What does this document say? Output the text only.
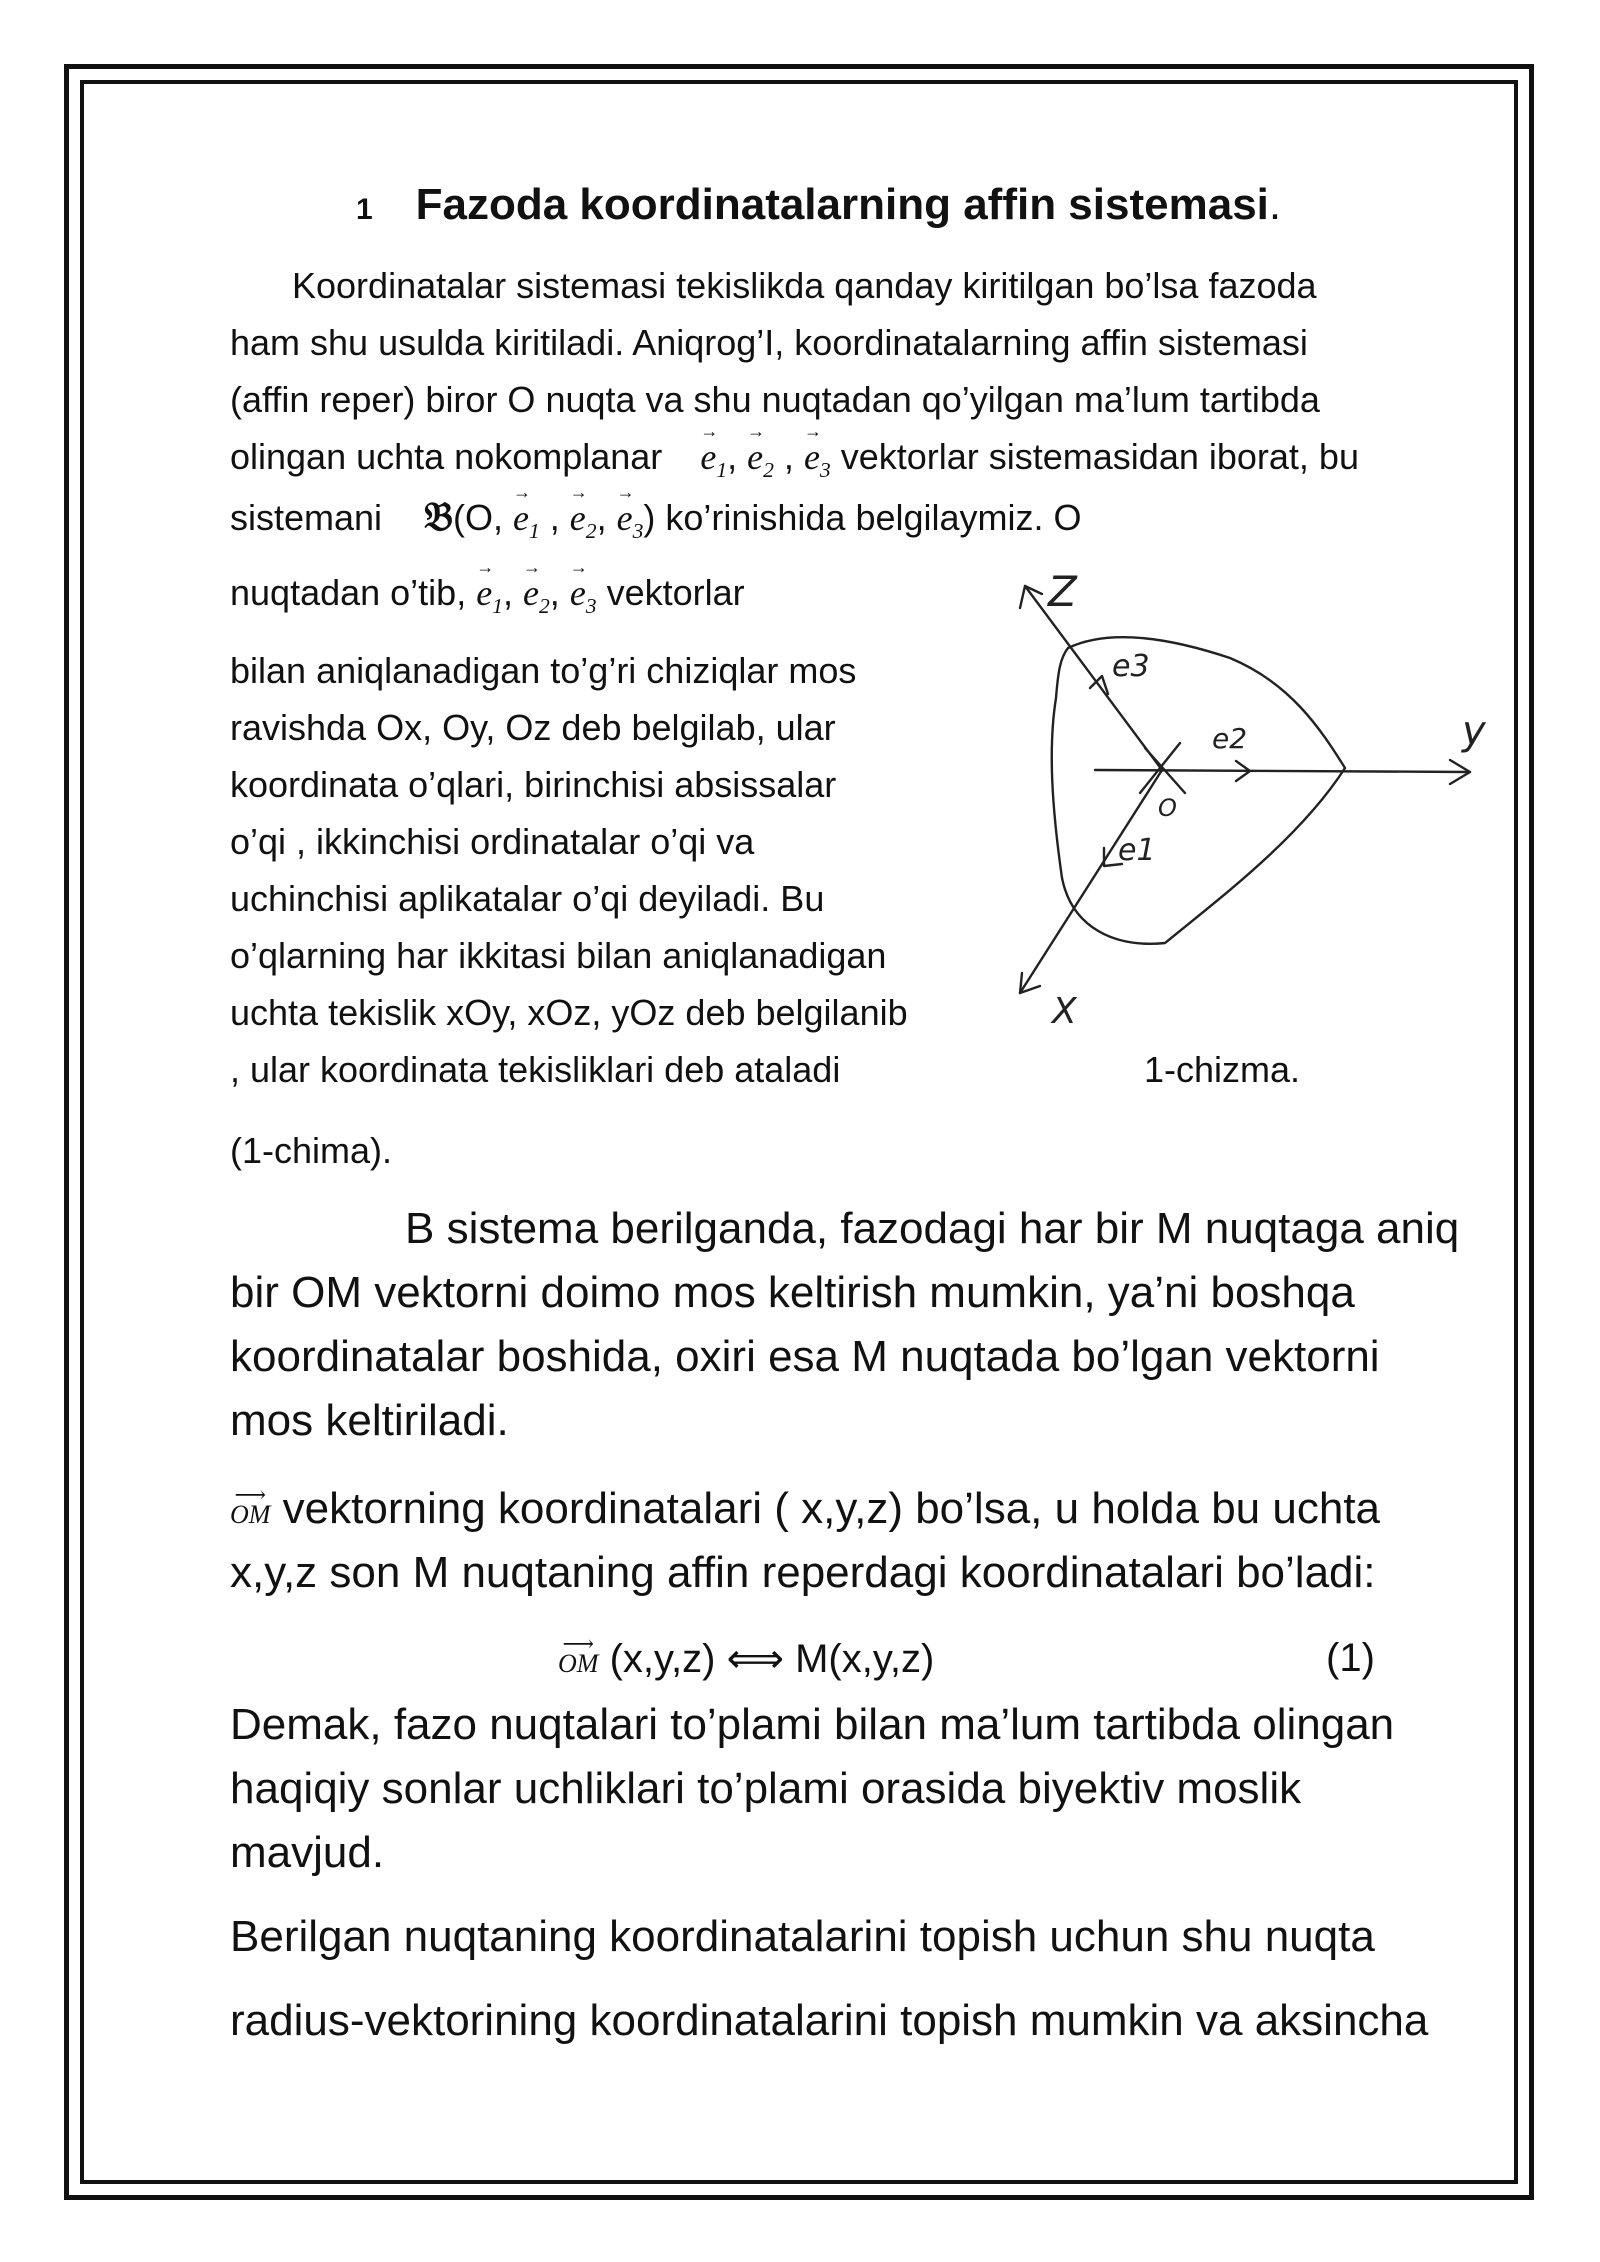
1 Fazoda koordinatalarning affin sistemasi.
Koordinatalar sistemasi tekislikda qanday kiritilgan bo’lsa fazoda
ham shu usulda kiritiladi. Aniqrog’I, koordinatalarning affin sistemasi
(affin reper) biror O nuqta va shu nuqtadan qo’yilgan ma’lum tartibda
olingan uchta nokomplanar e
→
$_1$, e
→
$_2$ , e
→
$_3$ vektorlar sistemasidan iborat, bu
sistemani 𝔅(O, e
→
$_1$ , e
→
$_2$, e
→
$_3$) ko’rinishida belgilaymiz. O
nuqtadan o’tib, e
→
$_1$, e
→
$_2$, e
→
$_3$ vektorlar
bilan aniqlanadigan to’g’ri chiziqlar mos
ravishda Ox, Oy, Oz deb belgilab, ular
koordinata o’qlari, birinchisi absissalar
o’qi , ikkinchisi ordinatalar o’qi va
uchinchisi aplikatalar o’qi deyiladi. Bu
o’qlarning har ikkitasi bilan aniqlanadigan
uchta tekislik xOy, xOz, yOz deb belgilanib
, ular koordinata tekisliklari deb ataladi
(1-chima).
Z
y
X
O
e3
e2
e1
1-chizma.
B sistema berilganda, fazodagi har bir M nuqtaga aniq
bir OM vektorni doimo mos keltirish mumkin, ya’ni boshqa
koordinatalar boshida, oxiri esa M nuqtada bo’lgan vektorni
mos keltiriladi.
OM
⟶ vektorning koordinatalari ( x,y,z) bo’lsa, u holda bu uchta
x,y,z son M nuqtaning affin reperdagi koordinatalari bo’ladi:
OM
⟶ (x,y,z) ⟺ M(x,y,z)	(1)
Demak, fazo nuqtalari to’plami bilan ma’lum tartibda olingan
haqiqiy sonlar uchliklari to’plami orasida biyektiv moslik
mavjud.
Berilgan nuqtaning koordinatalarini topish uchun shu nuqta
radius-vektorining koordinatalarini topish mumkin va aksincha
